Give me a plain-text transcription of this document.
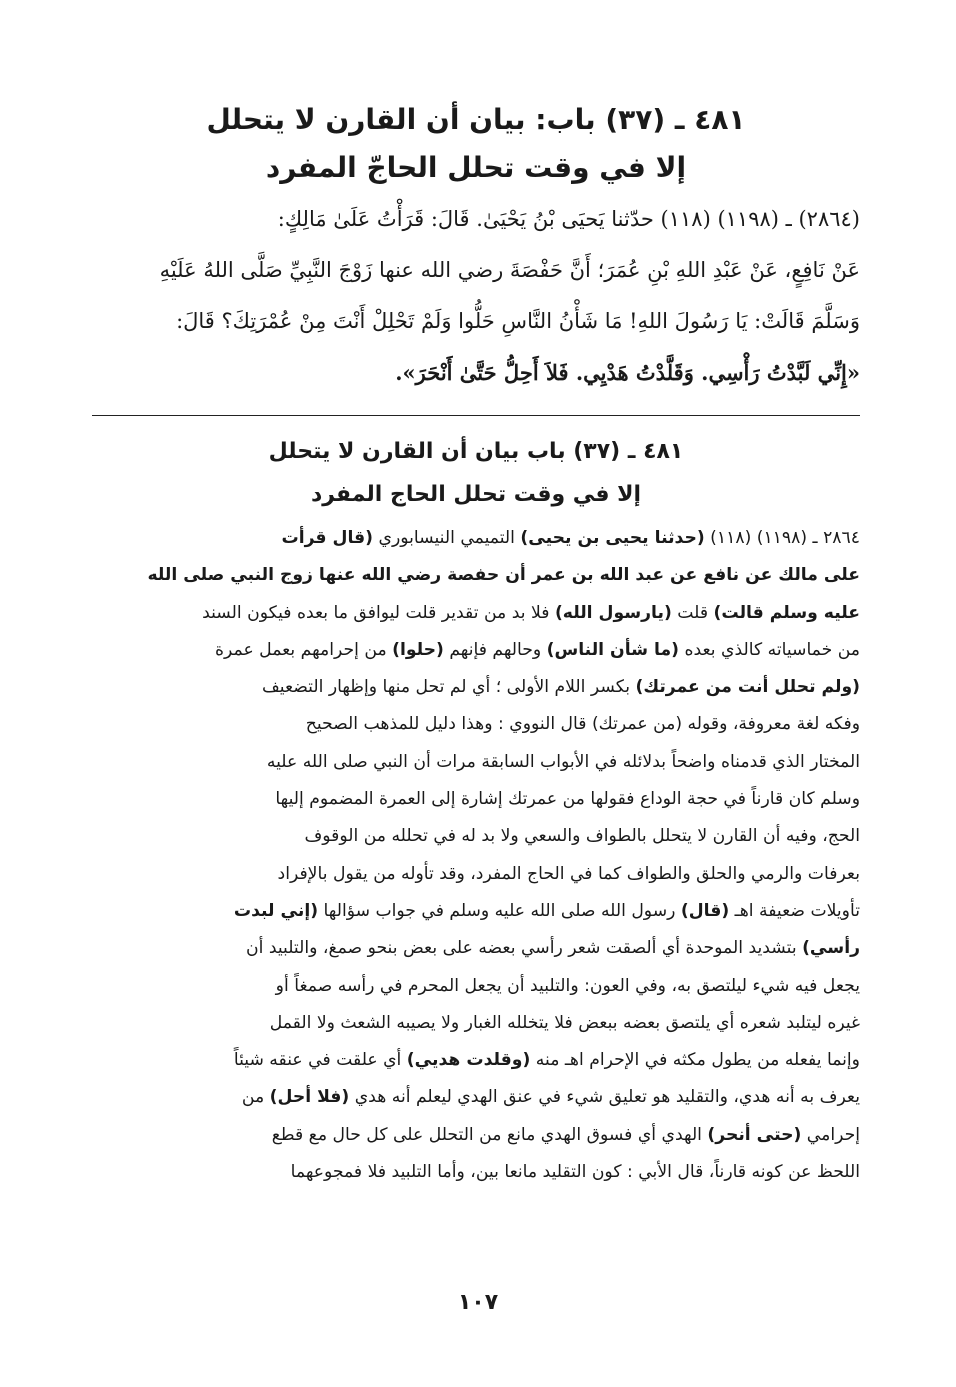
٤٨١ ـ (٣٧) باب: بيان أن القارن لا يتحلل
إلا في وقت تحلل الحاجّ المفرد
(٢٨٦٤) ـ (١١٩٨) (١١٨) حدّثنا يَحيَى بْنُ يَحْيَىٰ. قَالَ: قَرَأْتُ عَلَىٰ مَالِكٍ:
عَنْ نَافِعٍ، عَنْ عَبْدِ اللهِ بْنِ عُمَرَ؛ أَنَّ حَفْصَةَ رضي الله عنها زَوْجَ النَّبِيِّ صَلَّى اللهُ عَلَيْهِ
وَسَلَّمَ قَالَتْ: يَا رَسُولَ اللهِ! مَا شَأْنُ النَّاسِ حَلُّوا وَلَمْ تَحْلِلْ أَنْتَ مِنْ عُمْرَتِكَ؟ قَالَ:
«إِنِّي لَبَّدْتُ رَأْسِي. وَقَلَّدْتُ هَدْيِي. فَلاَ أَحِلُّ حَتَّىٰ أَنْحَرَ».
٤٨١ ـ (٣٧) باب بيان أن القارن لا يتحلل
إلا في وقت تحلل الحاج المفرد
٢٨٦٤ ـ (١١٩٨) (١١٨) (حدثنا يحيى بن يحيى) التميمي النيسابوري (قال قرأت
على مالك عن نافع عن عبد الله بن عمر أن حفصة رضي الله عنها زوج النبي صلى الله
عليه وسلم قالت) قلت (يارسول الله) فلا بد من تقدير قلت ليوافق ما بعده فيكون السند
من خماسياته كالذي بعده (ما شأن الناس) وحالهم فإنهم (حلوا) من إحرامهم بعمل عمرة
(ولم تحلل أنت من عمرتك) بكسر اللام الأولى ؛ أي لم تحل منها وإظهار التضعيف
وفكه لغة معروفة، وقوله (من عمرتك) قال النووي : وهذا دليل للمذهب الصحيح
المختار الذي قدمناه واضحاً بدلائله في الأبواب السابقة مرات أن النبي صلى الله عليه
وسلم كان قارناً في حجة الوداع فقولها من عمرتك إشارة إلى العمرة المضموم إليها
الحج، وفيه أن القارن لا يتحلل بالطواف والسعي ولا بد له في تحلله من الوقوف
بعرفات والرمي والحلق والطواف كما في الحاج المفرد، وقد تأوله من يقول بالإفراد
تأويلات ضعيفة اهـ (قال) رسول الله صلى الله عليه وسلم في جواب سؤالها (إني لبدت
رأسي) بتشديد الموحدة أي ألصقت شعر رأسي بعضه على بعض بنحو صمغ، والتلبيد أن
يجعل فيه شيء ليلتصق به، وفي العون: والتلبيد أن يجعل المحرم في رأسه صمغاً أو
غيره ليتلبد شعره أي يلتصق بعضه ببعض فلا يتخلله الغبار ولا يصيبه الشعث ولا القمل
وإنما يفعله من يطول مكثه في الإحرام اهـ منه (وقلدت هديي) أي علقت في عنقه شيئاً
يعرف به أنه هدي، والتقليد هو تعليق شيء في عنق الهدي ليعلم أنه هدي (فلا أحل) من
إحرامي (حتى أنحر) الهدي أي فسوق الهدي مانع من التحلل على كل حال مع قطع
اللحظ عن كونه قارناً، قال الأبي : كون التقليد مانعا بين، وأما التلبيد فلا فمجوعهما
١٠٧
